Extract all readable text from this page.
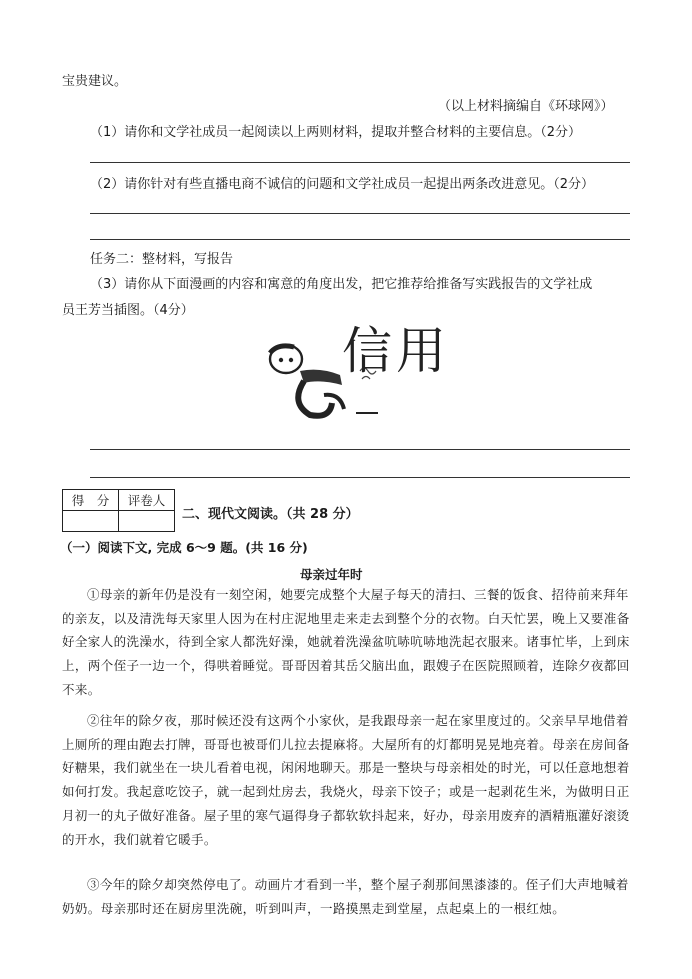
宝贵建议。
（以上材料摘编自《环球网》）
（1）请你和文学社成员一起阅读以上两则材料，提取并整合材料的主要信息。（2分）
（2）请你针对有些直播电商不诚信的问题和文学社成员一起提出两条改进意见。（2分）
任务二：整材料，写报告
（3）请你从下面漫画的内容和寓意的角度出发，把它推荐给推备写实践报告的文学社成
员王芳当插图。（4分）
信用
得　分	评卷人

二、现代文阅读。（共 28 分）
（一）阅读下文, 完成 6～9 题。(共 16 分)
母亲过年时
①母亲的新年仍是没有一刻空闲，她要完成整个大屋子每天的清扫、三餐的饭食、招待前来拜年的亲友，以及清洗每天家里人因为在村庄泥地里走来走去到整个分的衣物。白天忙罢，晚上又要准备好全家人的洗澡水，待到全家人都洗好澡，她就着洗澡盆吭哧吭哧地洗起衣服来。诸事忙毕，上到床上，两个侄子一边一个，得哄着睡觉。哥哥因着其岳父脑出血，跟嫂子在医院照顾着，连除夕夜都回不来。
②往年的除夕夜，那时候还没有这两个小家伙，是我跟母亲一起在家里度过的。父亲早早地借着上厕所的理由跑去打牌，哥哥也被哥们儿拉去提麻将。大屋所有的灯都明晃晃地亮着。母亲在房间备好糖果，我们就坐在一块儿看着电视，闲闲地聊天。那是一整块与母亲相处的时光，可以任意地想着如何打发。我起意吃饺子，就一起到灶房去，我烧火，母亲下饺子；或是一起剥花生米，为做明日正月初一的丸子做好准备。屋子里的寒气逼得身子都软软抖起来，好办，母亲用废弃的酒精瓶灌好滚烫的开水，我们就着它暖手。
③今年的除夕却突然停电了。动画片才看到一半，整个屋子刹那间黑漆漆的。侄子们大声地喊着奶奶。母亲那时还在厨房里洗碗，听到叫声，一路摸黑走到堂屋，点起桌上的一根红烛。
